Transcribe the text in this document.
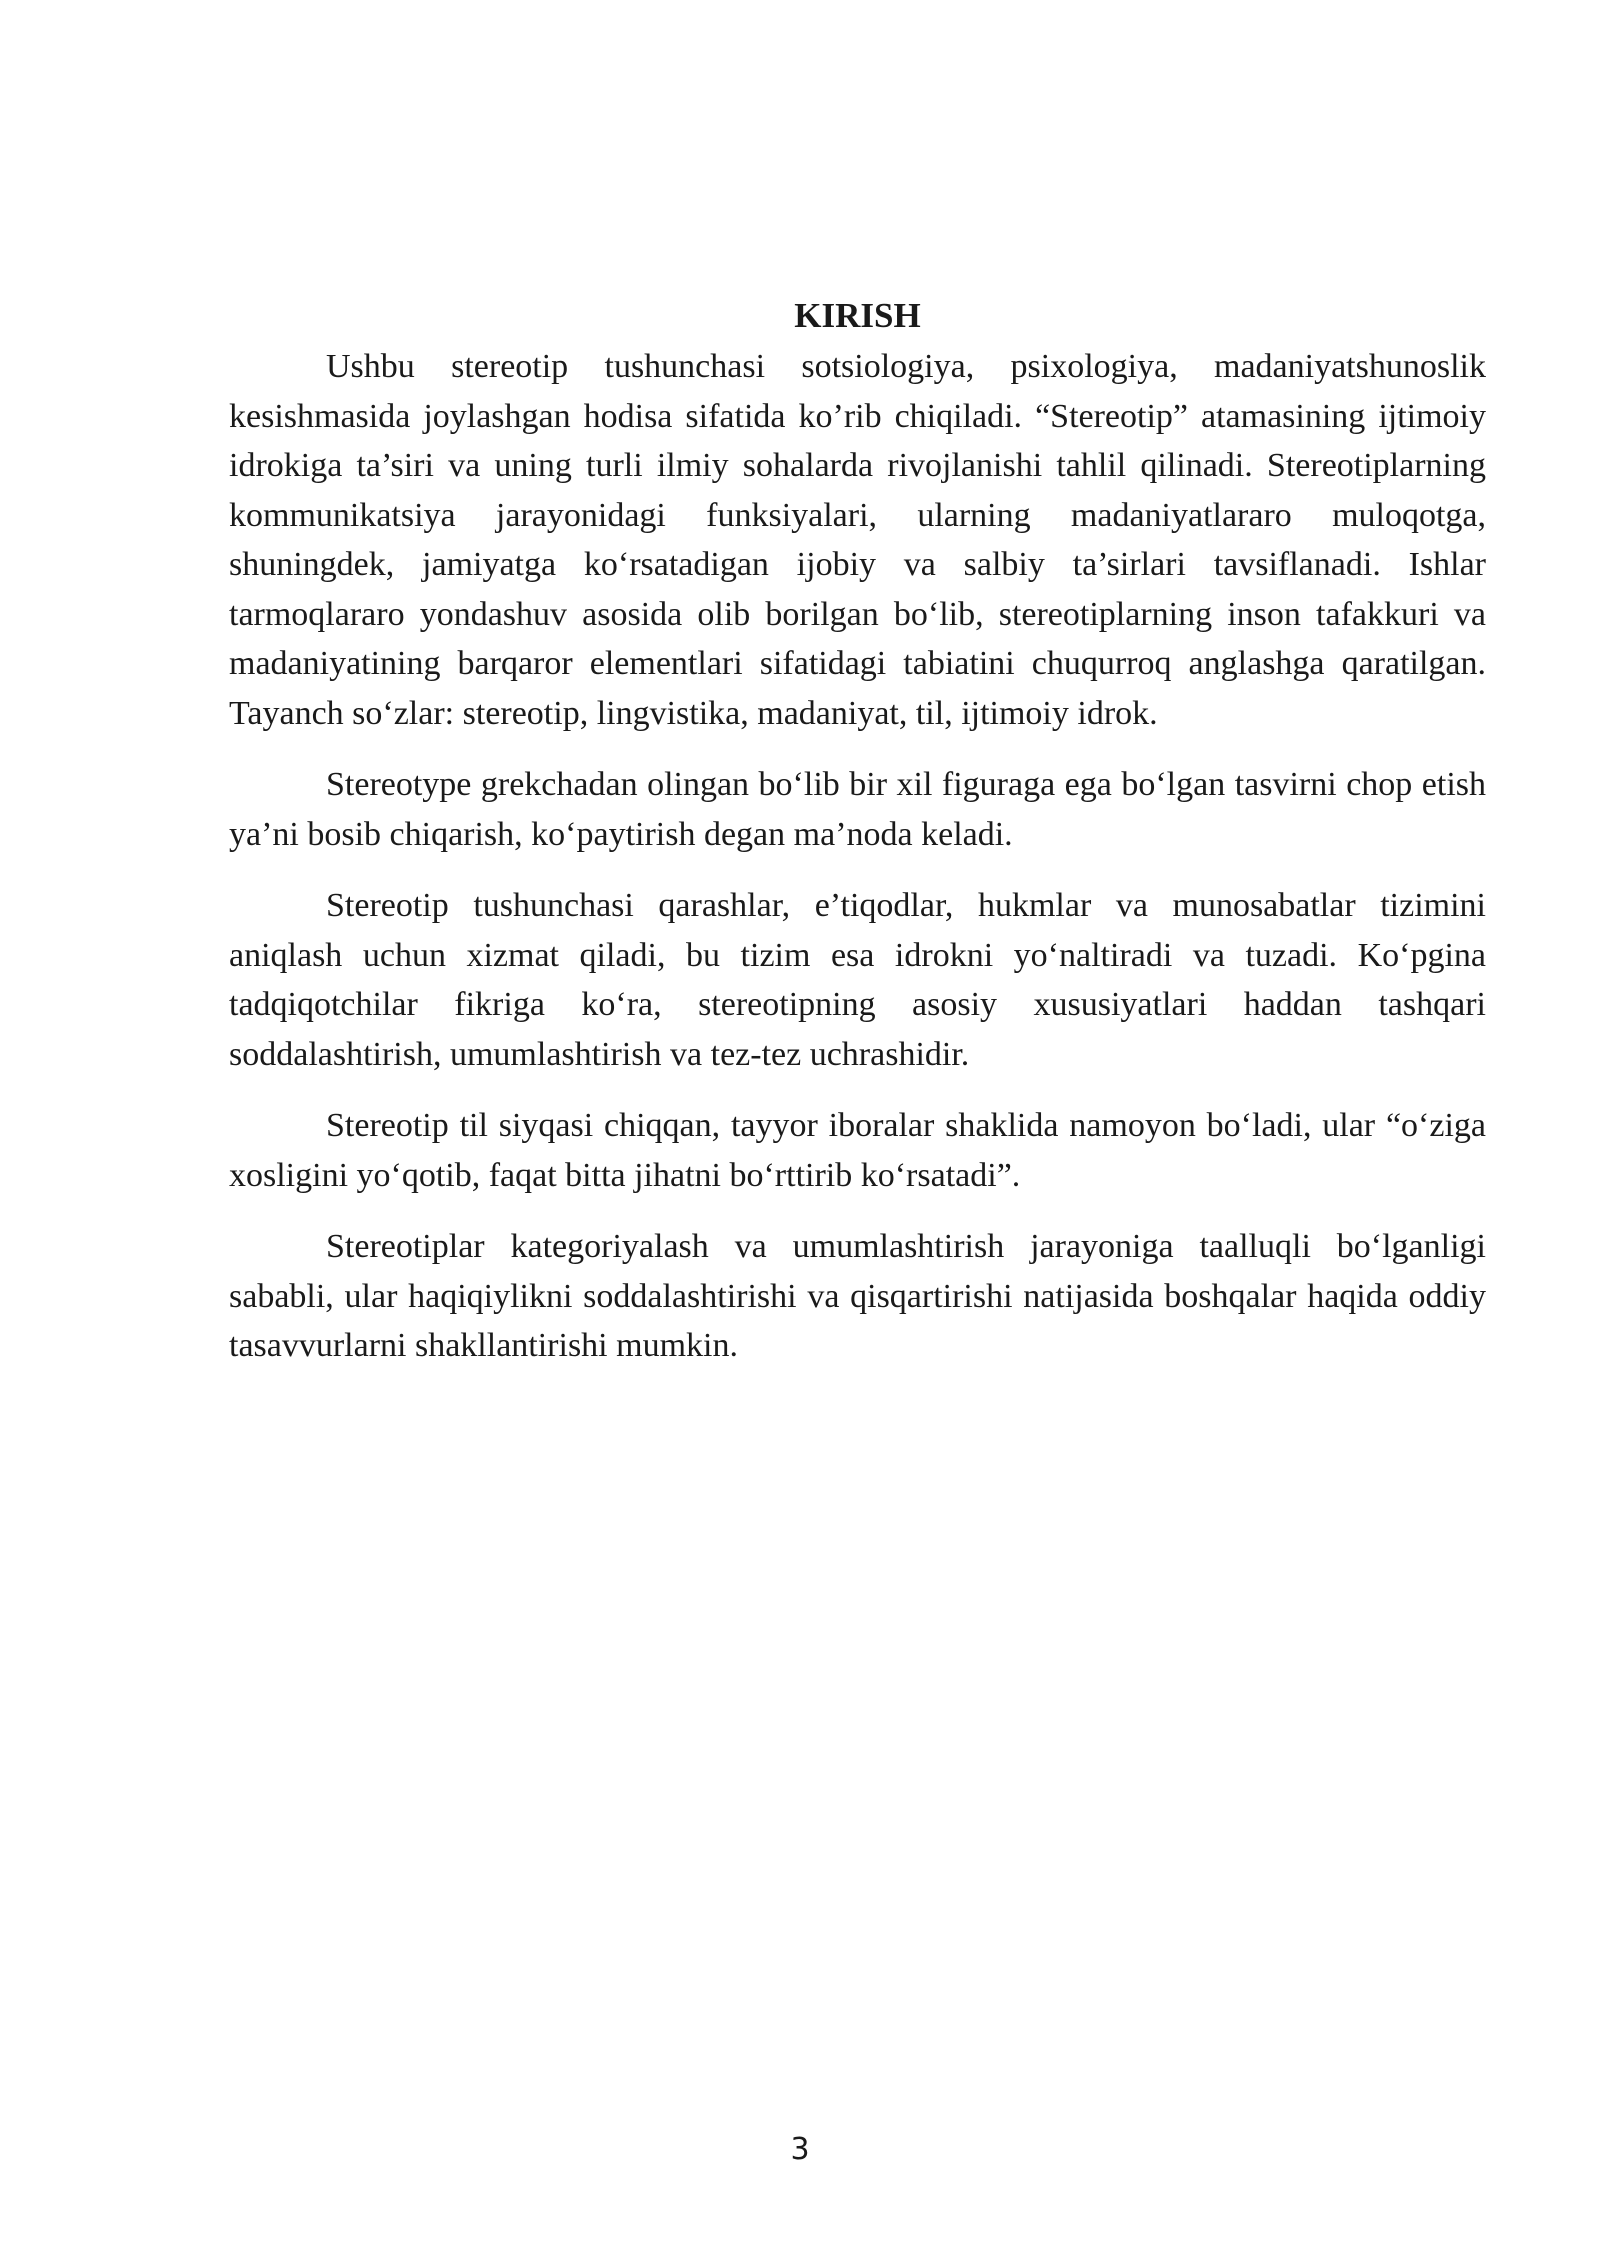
KIRISH

Ushbu stereotip tushunchasi sotsiologiya, psixologiya, madaniyatshunoslik kesishmasida joylashgan hodisa sifatida ko’rib chiqiladi. “Stereotip” atamasining ijtimoiy idrokiga ta’siri va uning turli ilmiy sohalarda rivojlanishi tahlil qilinadi. Stereotiplarning kommunikatsiya jarayonidagi funksiyalari, ularning madaniyatlararo muloqotga, shuningdek, jamiyatga ko‘rsatadigan ijobiy va salbiy ta’sirlari tavsiflanadi. Ishlar tarmoqlararo yondashuv asosida olib borilgan bo‘lib, stereotiplarning inson tafakkuri va madaniyatining barqaror elementlari sifatidagi tabiatini chuqurroq anglashga qaratilgan. Tayanch so‘zlar: stereotip, lingvistika, madaniyat, til, ijtimoiy idrok.

Stereotype grekchadan olingan bo‘lib bir xil figuraga ega bo‘lgan tasvirni chop etish ya’ni bosib chiqarish, ko‘paytirish degan ma’noda keladi.

Stereotip tushunchasi qarashlar, e’tiqodlar, hukmlar va munosabatlar tizimini aniqlash uchun xizmat qiladi, bu tizim esa idrokni yo‘naltiradi va tuzadi. Ko‘pgina tadqiqotchilar fikriga ko‘ra, stereotipning asosiy xususiyatlari haddan tashqari soddalashtirish, umumlashtirish va tez-tez uchrashidir.

Stereotip til siyqasi chiqqan, tayyor iboralar shaklida namoyon bo‘ladi, ular “o‘ziga xosligini yo‘qotib, faqat bitta jihatni bo‘rttirib ko‘rsatadi”.

Stereotiplar kategoriyalash va umumlashtirish jarayoniga taalluqli bo‘lganligi sababli, ular haqiqiylikni soddalashtirishi va qisqartirishi natijasida boshqalar haqida oddiy tasavvurlarni shakllantirishi mumkin.

3
